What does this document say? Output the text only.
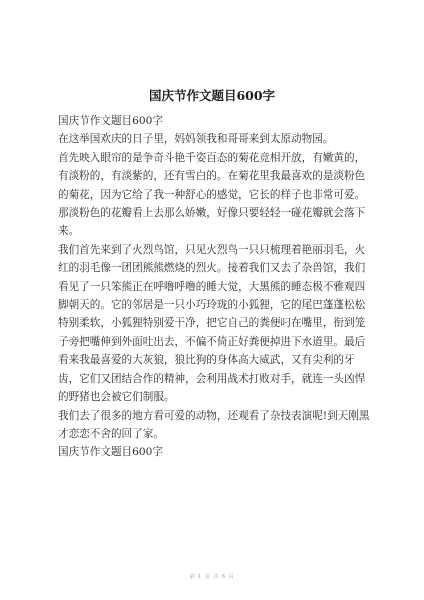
国庆节作文题目600字

国庆节作文题目600字

在这举国欢庆的日子里，妈妈领我和哥哥来到太原动物园。

首先映入眼帘的是争奇斗艳千姿百态的菊花竞相开放，有嫩黄的，有淡粉的，有淡紫的，还有雪白的。在菊花里我最喜欢的是淡粉色的菊花，因为它给了我一种舒心的感觉，它长的样子也非常可爱。那淡粉色的花瓣看上去那么娇嫩，好像只要轻轻一碰花瓣就会落下来。

我们首先来到了火烈鸟馆，只见火烈鸟一只只梳理着艳丽羽毛，火红的羽毛像一团团熊熊燃烧的烈火。接着我们又去了杂兽馆，我们看见了一只笨熊正在呼噜呼噜的睡大觉，大黑熊的睡态极不雅观四脚朝天的。它的邻居是一只小巧玲珑的小狐狸，它的尾巴蓬蓬松松特别柔软，小狐狸特别爱干净，把它自己的粪便叼在嘴里，衔到笼子旁把嘴伸到外面吐出去，不偏不倚正好粪便掉进下水道里。最后看来我最喜爱的大灰狼，狼比狗的身体高大威武，又有尖利的牙齿，它们又团结合作的精神，会利用战术打败对手，就连一头凶悍的野猪也会被它们制服。

我们去了很多的地方看可爱的动物，还观看了杂技表演呢!到天刚黑才恋恋不舍的回了家。

国庆节作文题目600字

第 1 页 共 6 页
